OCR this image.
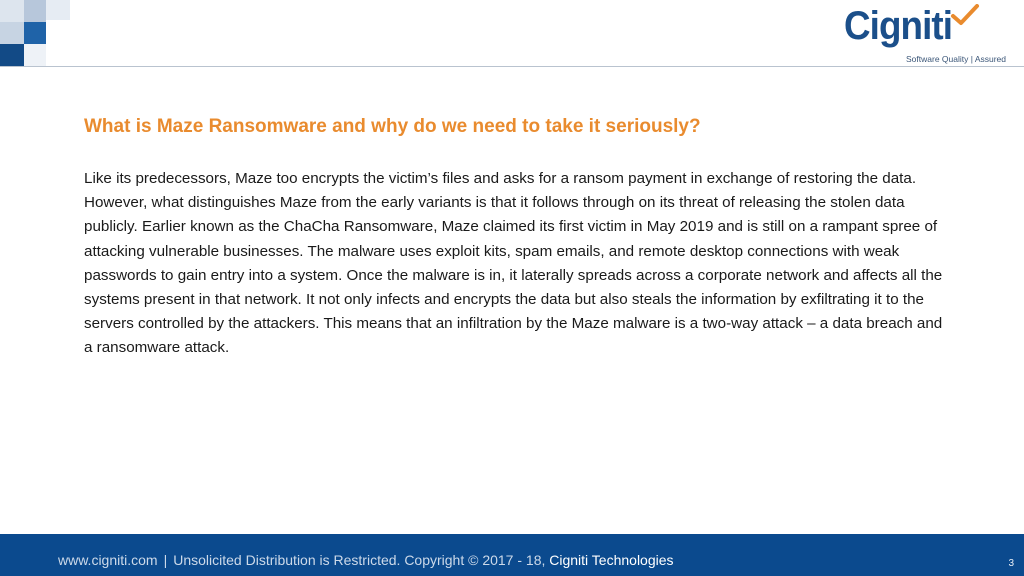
Cigniti
Software Quality | Assured
What is Maze Ransomware and why do we need to take it seriously?

Like its predecessors, Maze too encrypts the victim’s files and asks for a ransom payment in exchange of restoring the data. However, what distinguishes Maze from the early variants is that it follows through on its threat of releasing the stolen data publicly. Earlier known as the ChaCha Ransomware, Maze claimed its first victim in May 2019 and is still on a rampant spree of attacking vulnerable businesses. The malware uses exploit kits, spam emails, and remote desktop connections with weak passwords to gain entry into a system. Once the malware is in, it laterally spreads across a corporate network and affects all the systems present in that network. It not only infects and encrypts the data but also steals the information by exfiltrating it to the servers controlled by the attackers. This means that an infiltration by the Maze malware is a two-way attack – a data breach and a ransomware attack.

www.cigniti.com | Unsolicited Distribution is Restricted. Copyright © 2017 - 18, Cigniti Technologies	3
